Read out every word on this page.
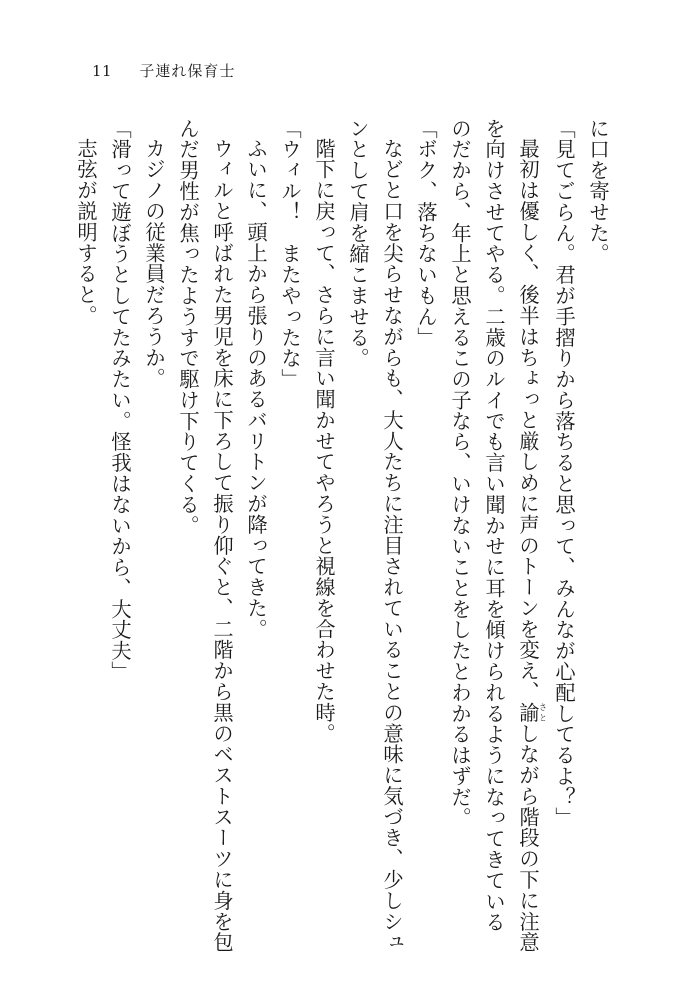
11 子連れ保育士

に口を寄せた。

「見てごらん。君が手摺りから落ちると思って、みんなが心配してるよ？」

最初は優しく、後半はちょっと厳しめに声のトーンを変え、諭さとしながら階段の下に注意を向けさせてやる。二歳のルイでも言い聞かせに耳を傾けられるようになってきているのだから、年上と思えるこの子なら、いけないことをしたとわかるはずだ。

「ボク、落ちないもん」

などと口を尖らせながらも、大人たちに注目されていることの意味に気づき、少しシュンとして肩を縮こませる。

階下に戻って、さらに言い聞かせてやろうと視線を合わせた時。

「ウィル！　またやったな」

ふいに、頭上から張りのあるバリトンが降ってきた。

ウィルと呼ばれた男児を床に下ろして振り仰ぐと、二階から黒のベストスーツに身を包んだ男性が焦ったようすで駆け下りてくる。

カジノの従業員だろうか。

「滑って遊ぼうとしてたみたい。怪我はないから、大丈夫」

志弦が説明すると。
